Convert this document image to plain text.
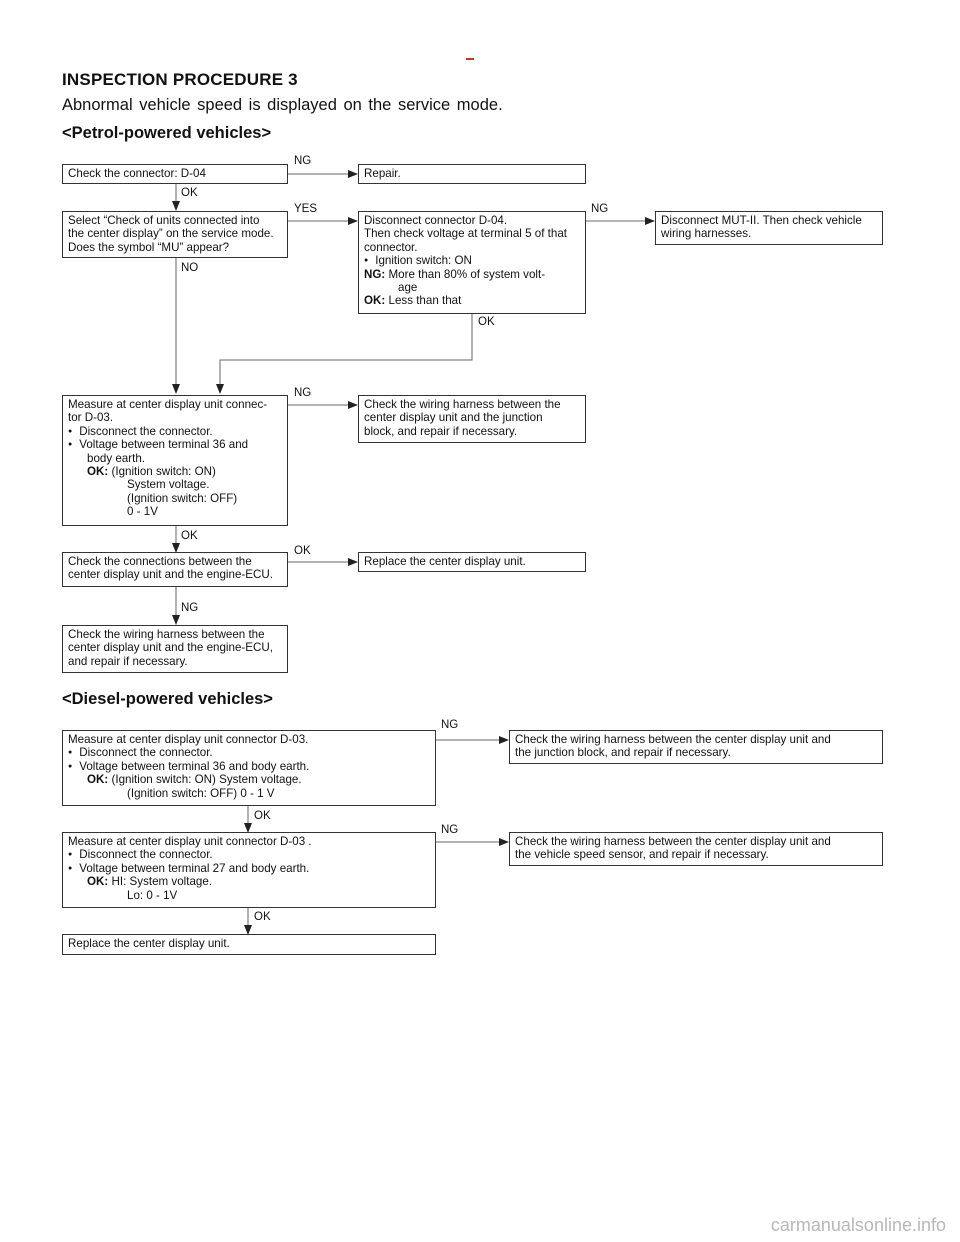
INSPECTION PROCEDURE 3
Abnormal vehicle speed is displayed on the service mode.
<Petrol-powered vehicles>
Check the connector: D-04	Repair.
Select “Check of units connected into
the center display” on the service mode.
Does the symbol “MU” appear?
Disconnect connector D-04.
Then check voltage at terminal 5 of that
connector.
● Ignition switch: ON
NG: More than 80% of system volt-
age
OK: Less than that
Disconnect MUT-II. Then check vehicle
wiring harnesses.
Measure at center display unit connec-
tor D-03.
● Disconnect the connector.
● Voltage between terminal 36 and
body earth.
OK: (Ignition switch: ON)
System voltage.
(Ignition switch: OFF)
0 - 1V
Check the wiring harness between the
center display unit and the junction
block, and repair if necessary.
Check the connections between the
center display unit and the engine-ECU.
Replace the center display unit.
Check the wiring harness between the
center display unit and the engine-ECU,
and repair if necessary.
NG
OK
YES	NG
NO
OK
NG
OK
OK
NG
<Diesel-powered vehicles>
Measure at center display unit connector D-03.
● Disconnect the connector.
● Voltage between terminal 36 and body earth.
OK: (Ignition switch: ON) System voltage.
(Ignition switch: OFF) 0 - 1 V
Check the wiring harness between the center display unit and
the junction block, and repair if necessary.
Measure at center display unit connector D-03 .
● Disconnect the connector.
● Voltage between terminal 27 and body earth.
OK: HI: System voltage.
Lo: 0 - 1V
Check the wiring harness between the center display unit and
the vehicle speed sensor, and repair if necessary.
Replace the center display unit.
NG
OK
NG
OK
carmanualsonline.info
